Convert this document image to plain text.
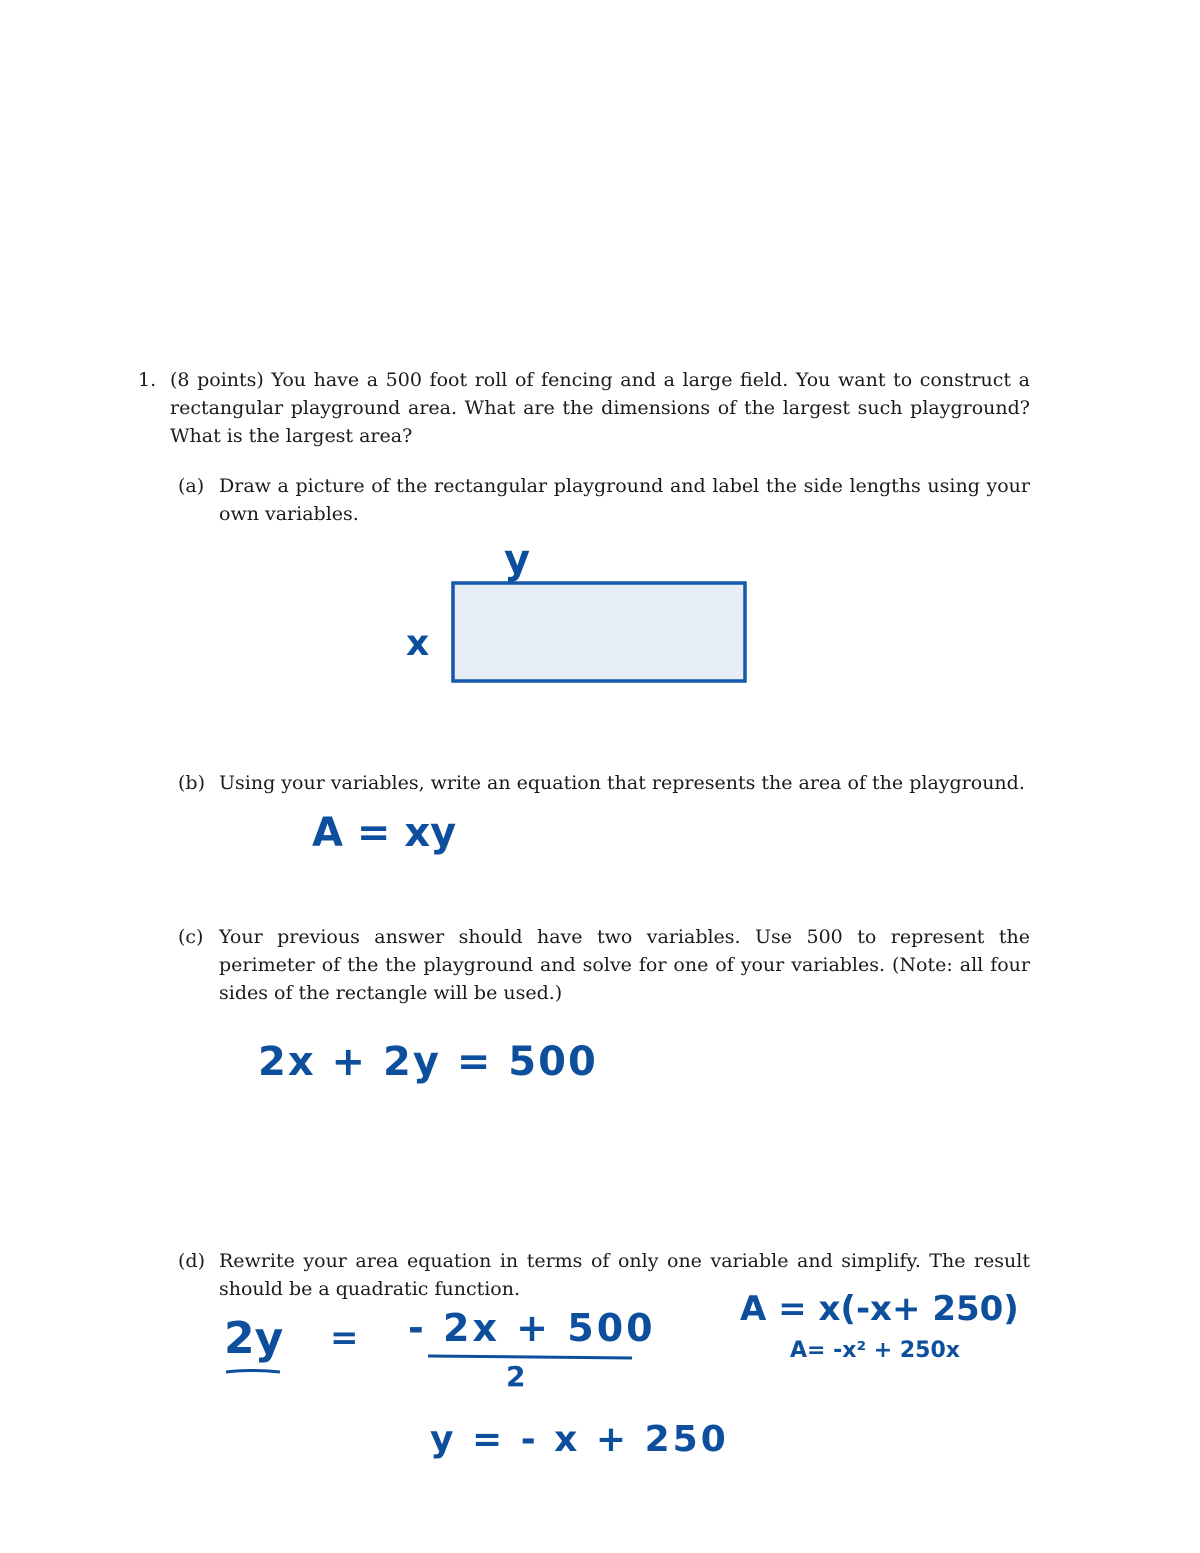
1. (8 points) You have a 500 foot roll of fencing and a large field. You want to construct a rectangular playground area. What are the dimensions of the largest such playground? What is the largest area?
(a) Draw a picture of the rectangular playground and label the side lengths using your own variables.
y
x
(b) Using your variables, write an equation that represents the area of the playground.
A = xy
(c) Your previous answer should have two variables. Use 500 to represent the perimeter of the the playground and solve for one of your variables. (Note: all four sides of the rectangle will be used.)
2x + 2y = 500
(d) Rewrite your area equation in terms of only one variable and simplify. The result should be a quadratic function.
2y = - 2x + 500
2
y = - x + 250
A = x(-x+ 250)
A= -x² + 250x
